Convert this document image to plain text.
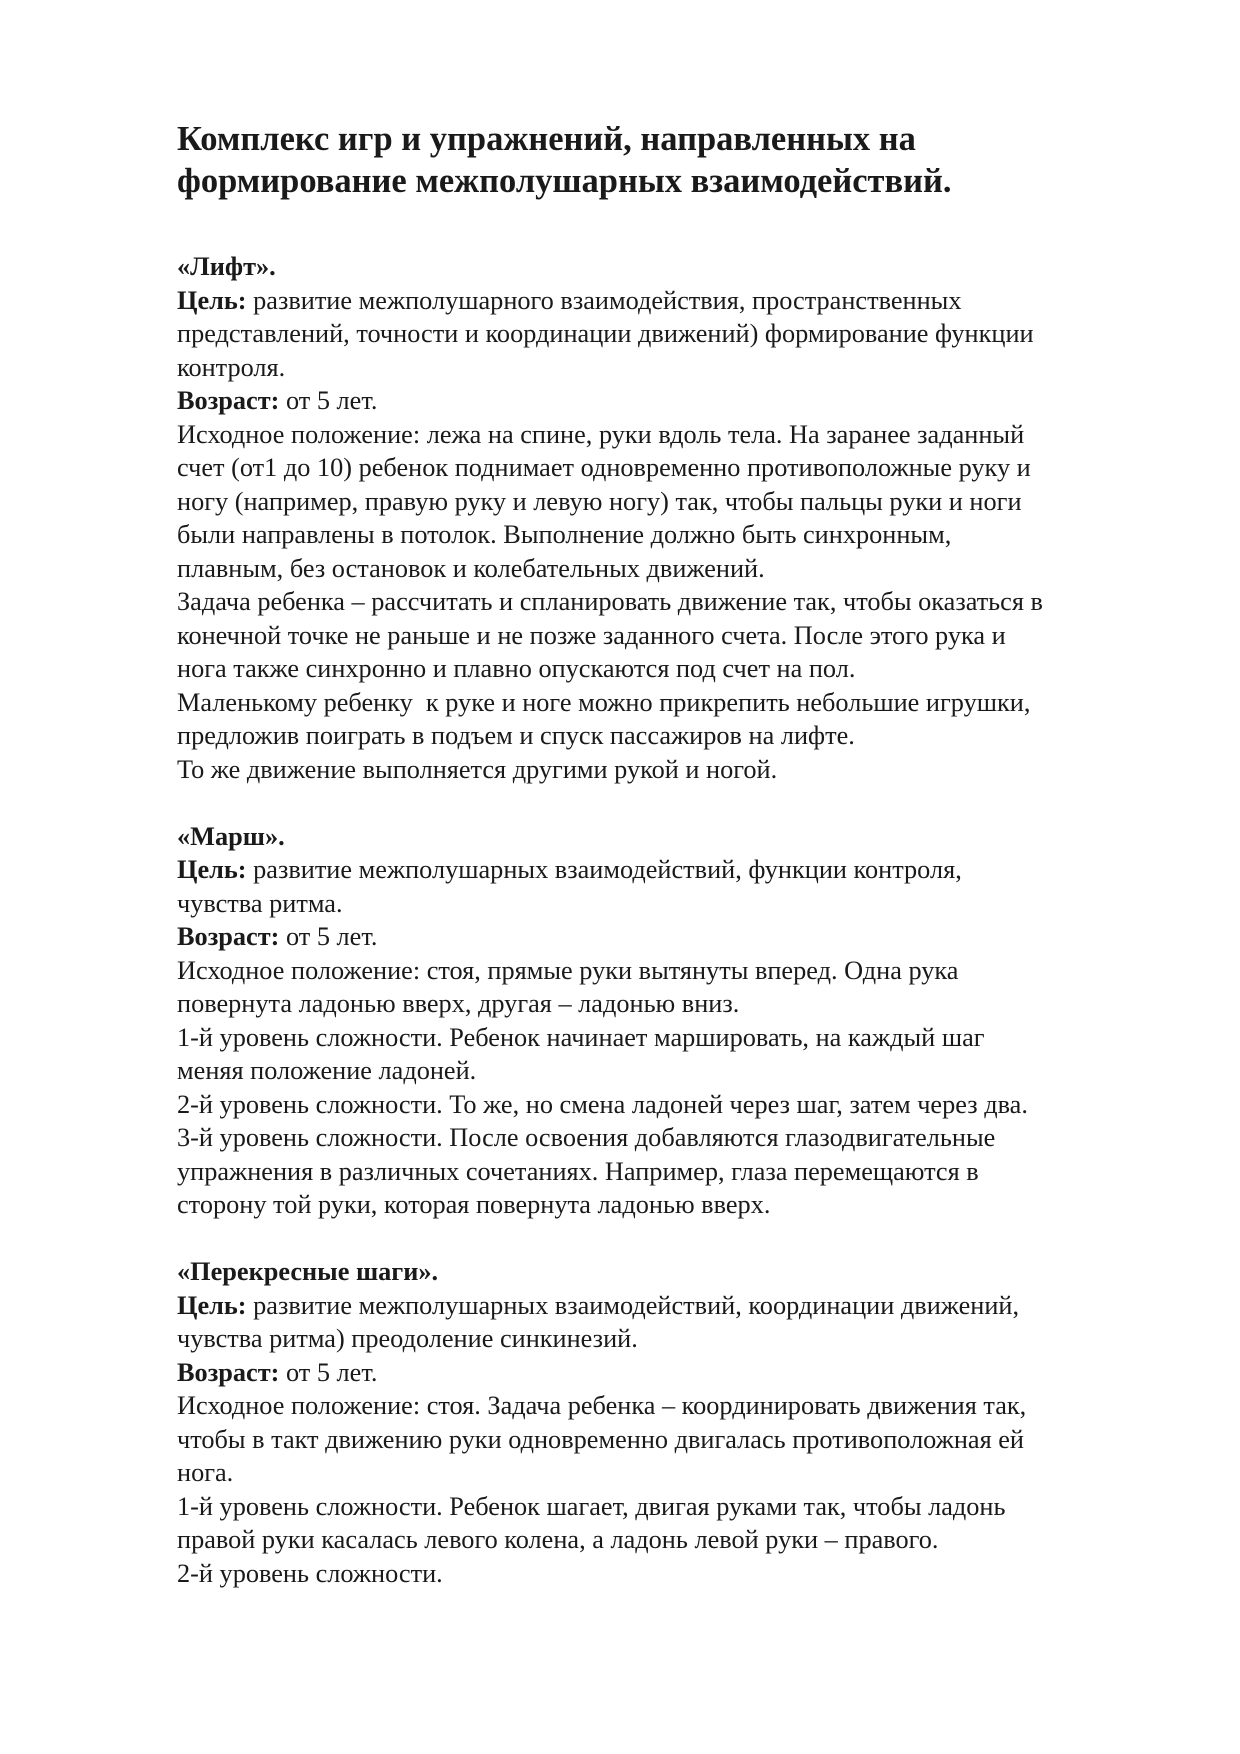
Комплекс игр и упражнений, направленных на
формирование межполушарных взаимодействий.
«Лифт».
Цель: развитие межполушарного взаимодействия, пространственных
представлений, точности и координации движений) формирование функции
контроля.
Возраст: от 5 лет.
Исходное положение: лежа на спине, руки вдоль тела. На заранее заданный
счет (от1 до 10) ребенок поднимает одновременно противоположные руку и
ногу (например, правую руку и левую ногу) так, чтобы пальцы руки и ноги
были направлены в потолок. Выполнение должно быть синхронным,
плавным, без остановок и колебательных движений.
Задача ребенка – рассчитать и спланировать движение так, чтобы оказаться в
конечной точке не раньше и не позже заданного счета. После этого рука и
нога также синхронно и плавно опускаются под счет на пол.
Маленькому ребенку  к руке и ноге можно прикрепить небольшие игрушки,
предложив поиграть в подъем и спуск пассажиров на лифте.
То же движение выполняется другими рукой и ногой.
«Марш».
Цель: развитие межполушарных взаимодействий, функции контроля,
чувства ритма.
Возраст: от 5 лет.
Исходное положение: стоя, прямые руки вытянуты вперед. Одна рука
повернута ладонью вверх, другая – ладонью вниз.
1-й уровень сложности. Ребенок начинает маршировать, на каждый шаг
меняя положение ладоней.
2-й уровень сложности. То же, но смена ладоней через шаг, затем через два.
3-й уровень сложности. После освоения добавляются глазодвигательные
упражнения в различных сочетаниях. Например, глаза перемещаются в
сторону той руки, которая повернута ладонью вверх.
«Перекресные шаги».
Цель: развитие межполушарных взаимодействий, координации движений,
чувства ритма) преодоление синкинезий.
Возраст: от 5 лет.
Исходное положение: стоя. Задача ребенка – координировать движения так,
чтобы в такт движению руки одновременно двигалась противоположная ей
нога.
1-й уровень сложности. Ребенок шагает, двигая руками так, чтобы ладонь
правой руки касалась левого колена, а ладонь левой руки – правого.
2-й уровень сложности.
